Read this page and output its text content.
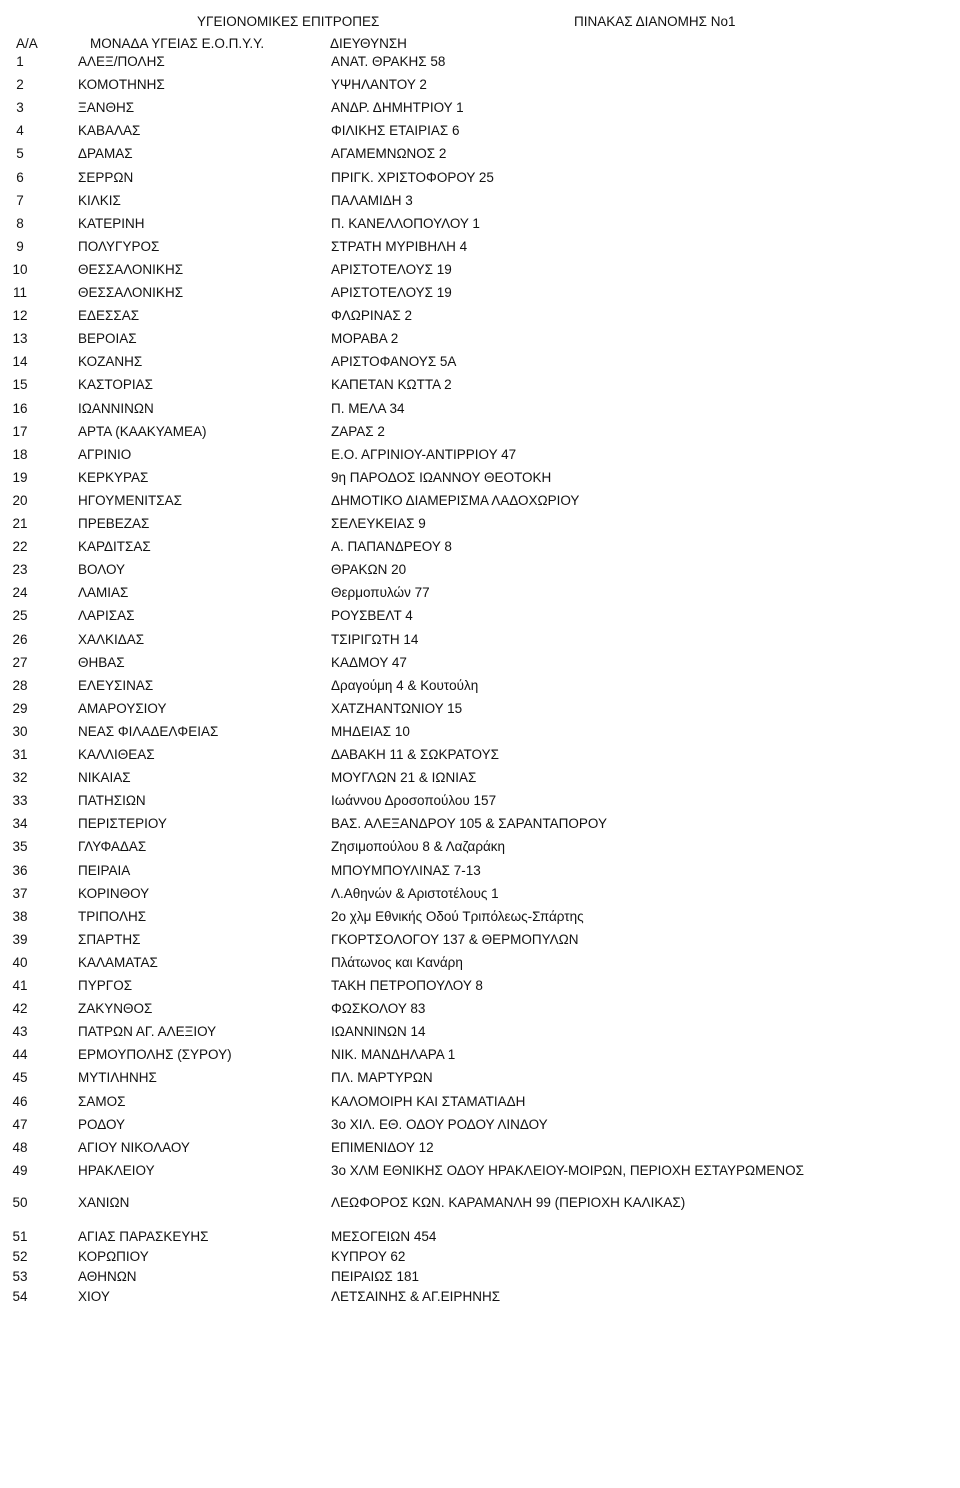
ΥΓΕΙΟΝΟΜΙΚΕΣ ΕΠΙΤΡΟΠΕΣ	ΠΙΝΑΚΑΣ ΔΙΑΝΟΜΗΣ Νο1
Α/Α	ΜΟΝΑΔΑ ΥΓΕΙΑΣ Ε.Ο.Π.Υ.Υ.	ΔΙΕΥΘΥΝΣΗ
1	ΑΛΕΞ/ΠΟΛΗΣ	ΑΝΑΤ. ΘΡΑΚΗΣ 58
2	ΚΟΜΟΤΗΝΗΣ	ΥΨΗΛΑΝΤΟΥ 2
3	ΞΑΝΘΗΣ	ΑΝΔΡ. ΔΗΜΗΤΡΙΟΥ 1
4	ΚΑΒΑΛΑΣ	ΦΙΛΙΚΗΣ ΕΤΑΙΡΙΑΣ 6
5	ΔΡΑΜΑΣ	ΑΓΑΜΕΜΝΩΝΟΣ 2
6	ΣΕΡΡΩΝ	ΠΡΙΓΚ. ΧΡΙΣΤΟΦΟΡΟΥ 25
7	ΚΙΛΚΙΣ	ΠΑΛΑΜΙΔΗ 3
8	ΚΑΤΕΡΙΝΗ	Π. ΚΑΝΕΛΛΟΠΟΥΛΟΥ 1
9	ΠΟΛΥΓΥΡΟΣ	ΣΤΡΑΤΗ ΜΥΡΙΒΗΛΗ 4
10	ΘΕΣΣΑΛΟΝΙΚΗΣ	ΑΡΙΣΤΟΤΕΛΟΥΣ 19
11	ΘΕΣΣΑΛΟΝΙΚΗΣ	ΑΡΙΣΤΟΤΕΛΟΥΣ 19
12	ΕΔΕΣΣΑΣ	ΦΛΩΡΙΝΑΣ 2
13	ΒΕΡΟΙΑΣ	ΜΟΡΑΒΑ 2
14	ΚΟΖΑΝΗΣ	ΑΡΙΣΤΟΦΑΝΟΥΣ 5Α
15	ΚΑΣΤΟΡΙΑΣ	ΚΑΠΕΤΑΝ ΚΩΤΤΑ 2
16	ΙΩΑΝΝΙΝΩΝ	Π. ΜΕΛΑ 34
17	ΑΡΤΑ (ΚΑΑΚΥΑΜΕΑ)	ΖΑΡΑΣ 2
18	ΑΓΡΙΝΙΟ	Ε.Ο. ΑΓΡΙΝΙΟΥ-ΑΝΤΙΡΡΙΟΥ 47
19	ΚΕΡΚΥΡΑΣ	9η ΠΑΡΟΔΟΣ ΙΩΑΝΝΟΥ ΘΕΟΤΟΚΗ
20	ΗΓΟΥΜΕΝΙΤΣΑΣ	ΔΗΜΟΤΙΚΟ ΔΙΑΜΕΡΙΣΜΑ ΛΑΔΟΧΩΡΙΟΥ
21	ΠΡΕΒΕΖΑΣ	ΣΕΛΕΥΚΕΙΑΣ 9
22	ΚΑΡΔΙΤΣΑΣ	Α. ΠΑΠΑΝΔΡΕΟΥ 8
23	ΒΟΛΟΥ	ΘΡΑΚΩΝ 20
24	ΛΑΜΙΑΣ	Θερμοπυλών 77
25	ΛΑΡΙΣΑΣ	ΡΟΥΣΒΕΛΤ 4
26	ΧΑΛΚΙΔΑΣ	ΤΣΙΡΙΓΩΤΗ 14
27	ΘΗΒΑΣ	ΚΑΔΜΟΥ 47
28	ΕΛΕΥΣΙΝΑΣ	Δραγούμη 4 & Κουτούλη
29	ΑΜΑΡΟΥΣΙΟΥ	ΧΑΤΖΗΑΝΤΩΝΙΟΥ 15
30	ΝΕΑΣ ΦΙΛΑΔΕΛΦΕΙΑΣ	ΜΗΔΕΙΑΣ 10
31	ΚΑΛΛΙΘΕΑΣ	ΔΑΒΑΚΗ 11 & ΣΩΚΡΑΤΟΥΣ
32	ΝΙΚΑΙΑΣ	ΜΟΥΓΛΩΝ 21 & ΙΩΝΙΑΣ
33	ΠΑΤΗΣΙΩΝ	Ιωάννου Δροσοπούλου 157
34	ΠΕΡΙΣΤΕΡΙΟΥ	ΒΑΣ. ΑΛΕΞΑΝΔΡΟΥ 105 & ΣΑΡΑΝΤΑΠΟΡΟΥ
35	ΓΛΥΦΑΔΑΣ	Ζησιμοπούλου 8 & Λαζαράκη
36	ΠΕΙΡΑΙΑ	ΜΠΟΥΜΠΟΥΛΙΝΑΣ 7-13
37	ΚΟΡΙΝΘΟΥ	Λ.Αθηνών & Αριστοτέλους 1
38	ΤΡΙΠΟΛΗΣ	2ο χλμ Εθνικής Οδού Τριπόλεως-Σπάρτης
39	ΣΠΑΡΤΗΣ	ΓΚΟΡΤΣΟΛΟΓΟΥ 137 & ΘΕΡΜΟΠΥΛΩΝ
40	ΚΑΛΑΜΑΤΑΣ	Πλάτωνος και Κανάρη
41	ΠΥΡΓΟΣ	ΤΑΚΗ ΠΕΤΡΟΠΟΥΛΟΥ 8
42	ΖΑΚΥΝΘΟΣ	ΦΩΣΚΟΛΟΥ 83
43	ΠΑΤΡΩΝ ΑΓ. ΑΛΕΞΙΟΥ	ΙΩΑΝΝΙΝΩΝ 14
44	ΕΡΜΟΥΠΟΛΗΣ (ΣΥΡΟΥ)	ΝΙΚ. ΜΑΝΔΗΛΑΡΑ 1
45	ΜΥΤΙΛΗΝΗΣ	ΠΛ. ΜΑΡΤΥΡΩΝ
46	ΣΑΜΟΣ	ΚΑΛΟΜΟΙΡΗ ΚΑΙ ΣΤΑΜΑΤΙΑΔΗ
47	ΡΟΔΟΥ	3ο ΧΙΛ. ΕΘ. ΟΔΟΥ ΡΟΔΟΥ ΛΙΝΔΟΥ
48	ΑΓΙΟΥ ΝΙΚΟΛΑΟΥ	ΕΠΙΜΕΝΙΔΟΥ 12
49	ΗΡΑΚΛΕΙΟΥ	3ο ΧΛΜ ΕΘΝΙΚΗΣ ΟΔΟΥ ΗΡΑΚΛΕΙΟΥ-ΜΟΙΡΩΝ, ΠΕΡΙΟΧΗ ΕΣΤΑΥΡΩΜΕΝΟΣ
50	ΧΑΝΙΩΝ	ΛΕΩΦΟΡΟΣ ΚΩΝ. ΚΑΡΑΜΑΝΛΗ 99 (ΠΕΡΙΟΧΗ ΚΑΛΙΚΑΣ)
51	ΑΓΙΑΣ ΠΑΡΑΣΚΕΥΗΣ	ΜΕΣΟΓΕΙΩΝ 454
52	ΚΟΡΩΠΙΟΥ	ΚΥΠΡΟΥ 62
53	ΑΘΗΝΩΝ	ΠΕΙΡΑΙΩΣ 181
54	ΧΙΟΥ	ΛΕΤΣΑΙΝΗΣ & ΑΓ.ΕΙΡΗΝΗΣ
